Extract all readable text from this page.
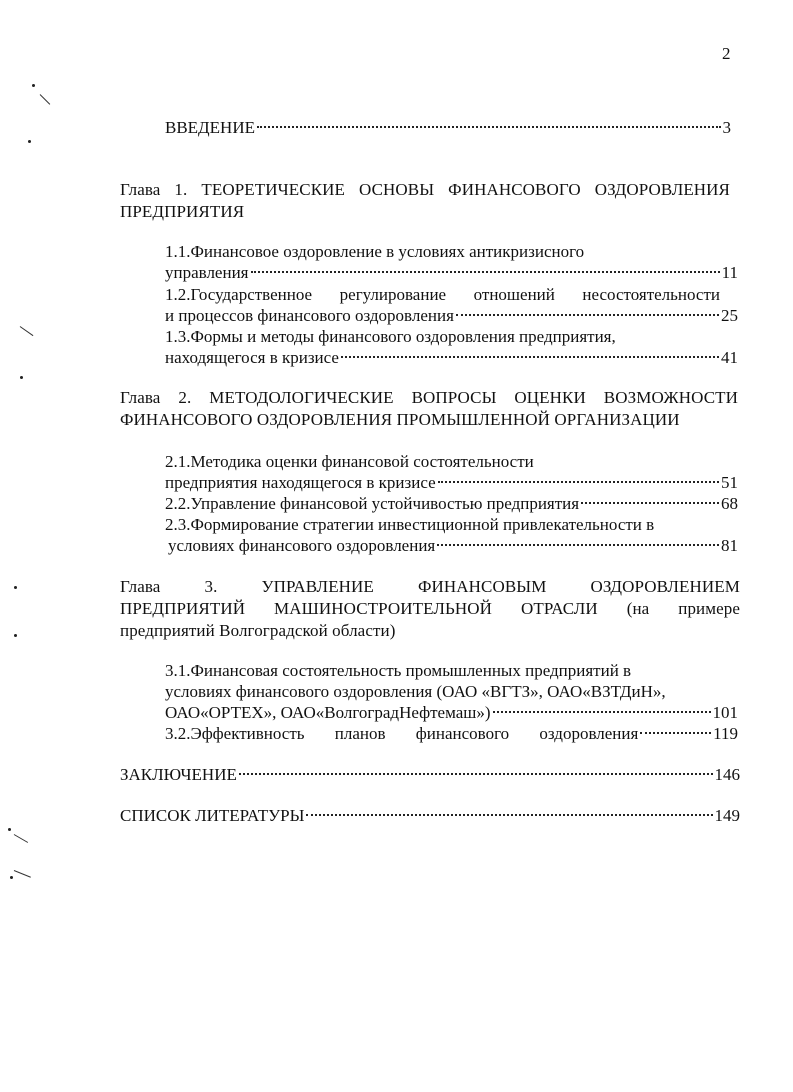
2
ВВЕДЕНИЕ	3
Глава 1. ТЕОРЕТИЧЕСКИЕ ОСНОВЫ ФИНАНСОВОГО ОЗДОРОВЛЕНИЯ
ПРЕДПРИЯТИЯ
1.1.Финансовое оздоровление в условиях антикризисного
управления	11
1.2.Государственное регулирование отношений несостоятельности
и процессов финансового оздоровления	25
1.3.Формы и методы финансового оздоровления предприятия,
находящегося в кризисе	41
Глава 2. МЕТОДОЛОГИЧЕСКИЕ ВОПРОСЫ ОЦЕНКИ ВОЗМОЖНОСТИ
ФИНАНСОВОГО ОЗДОРОВЛЕНИЯ ПРОМЫШЛЕННОЙ ОРГАНИЗАЦИИ
2.1.Методика оценки финансовой состоятельности
предприятия находящегося в кризисе	51
2.2.Управление финансовой устойчивостью предприятия	68
2.3.Формирование стратегии инвестиционной привлекательности в
условиях финансового оздоровления	81
Глава 3. УПРАВЛЕНИЕ ФИНАНСОВЫМ ОЗДОРОВЛЕНИЕМ
ПРЕДПРИЯТИЙ МАШИНОСТРОИТЕЛЬНОЙ ОТРАСЛИ (на примере
предприятий Волгоградской области)
3.1.Финансовая состоятельность промышленных предприятий в
условиях финансового оздоровления (ОАО «ВГТЗ», ОАО«ВЗТДиН»,
ОАО«ОРТЕХ», ОАО«ВолгоградНефтемаш»)	101
3.2.Эффективность планов финансового оздоровления	119
ЗАКЛЮЧЕНИЕ	146
СПИСОК ЛИТЕРАТУРЫ	149
